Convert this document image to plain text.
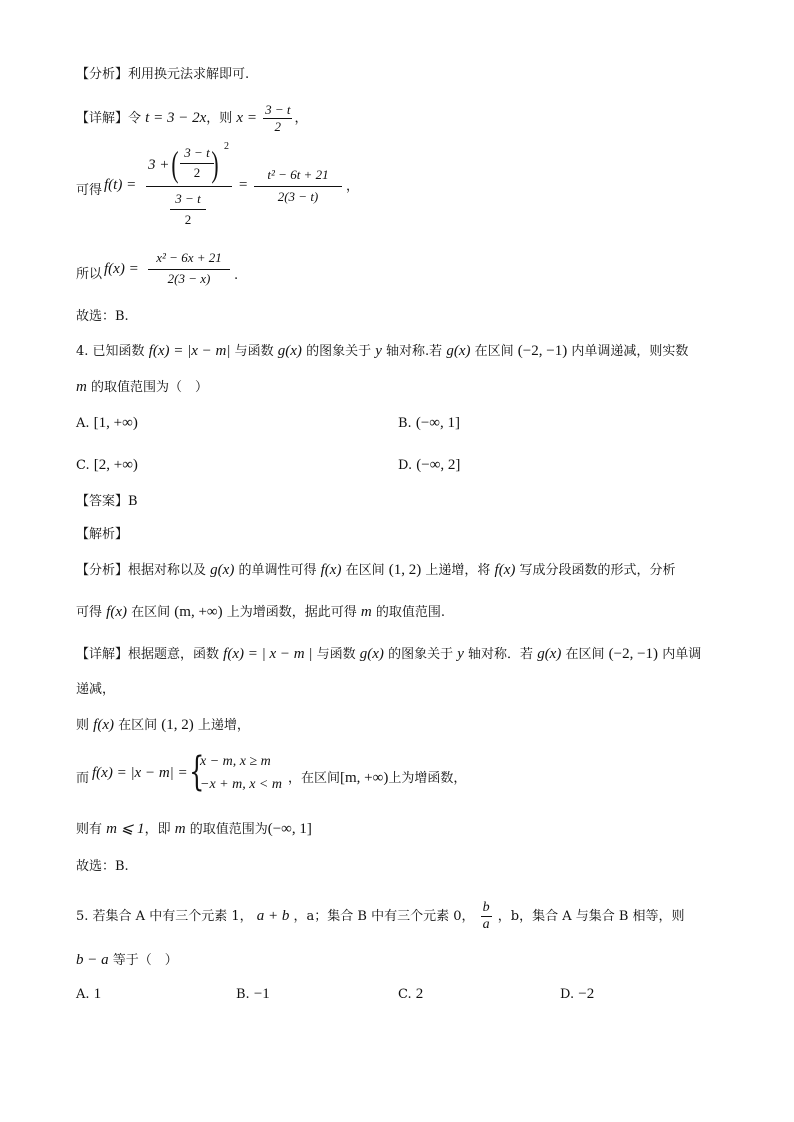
【分析】利用换元法求解即可.
【详解】令 t = 3 − 2x，则 $x = \frac{3 - t}{2}$ ，
可得 f(t) =
3 + ( 3 − t
2 ) 2
3 − t
2
=
t² − 6t + 21
2(3 − t)
，
所以 f(x) =
x² − 6x + 21
2(3 − x)	.
故选：B.
4. 已知函数 f(x) = |x − m| 与函数 g(x) 的图象关于 y 轴对称.若 g(x) 在区间 (−2, −1) 内单调递减，则实数
m 的取值范围为（　）
A. [1, +∞)	B. (−∞, 1]
C. [2, +∞)	D. (−∞, 2]
【答案】B
【解析】
【分析】根据对称以及 g(x) 的单调性可得 f(x) 在区间 (1, 2) 上递增，将 f(x) 写成分段函数的形式，分析
可得 f(x) 在区间 (m, +∞) 上为增函数，据此可得 m 的取值范围.
【详解】根据题意，函数 f(x) = | x − m | 与函数 g(x) 的图象关于 y 轴对称．若 g(x) 在区间 (−2, −1) 内单调
递减，
则 f(x) 在区间 (1, 2) 上递增，
而 f(x) = |x − m| = {
x − m, x ≥ m
−x + m, x < m ，在区间[m, +∞)上为增函数，
则有 m ⩽ 1，即 m 的取值范围为(−∞, 1]
故选：B.
5. 若集合 A 中有三个元素 1， a + b ，a；集合 B 中有三个元素 0， $\frac{b}{a}$ ，b，集合 A 与集合 B 相等，则
b − a 等于（　）
A. 1	B. −1	C. 2	D. −2
